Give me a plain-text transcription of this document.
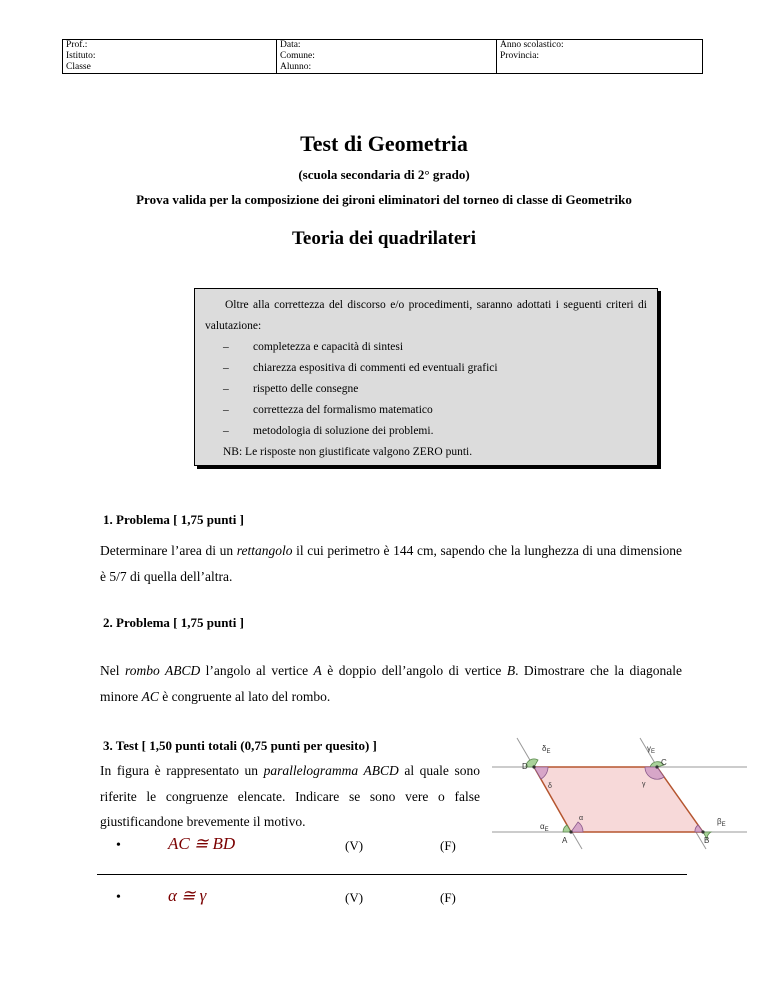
Prof.:	Data:	Anno scolastico:
Istituto:	Comune:	Provincia:
Classe	Alunno:	
Test di Geometria
(scuola secondaria di 2° grado)
Prova valida per la composizione dei gironi eliminatori del torneo di classe di Geometriko
Teoria dei quadrilateri
Oltre alla correttezza del discorso e/o procedimenti, saranno adottati i seguenti criteri di valutazione:
– completezza e capacità di sintesi
– chiarezza espositiva di commenti ed eventuali grafici
– rispetto delle consegne
– correttezza del formalismo matematico
– metodologia di soluzione dei problemi.
NB: Le risposte non giustificate valgono ZERO punti.
1. Problema [ 1,75 punti ]
Determinare l’area di un rettangolo il cui perimetro è 144 cm, sapendo che la lunghezza di una dimensione è 5/7 di quella dell’altra.
2. Problema [ 1,75 punti ]
Nel rombo ABCD l’angolo al vertice A è doppio dell’angolo di vertice B. Dimostrare che la diagonale minore AC è congruente al lato del rombo.
3. Test [ 1,50 punti totali (0,75 punti per quesito) ]
In figura è rappresentato un parallelogramma ABCD al quale sono riferite le congruenze elencate. Indicare se sono vere o false giustificandone brevemente il motivo.
D	C
A	B
$\delta_E$	$\gamma_E$
$\alpha_E$
$\beta_E$
δ	γ
α
•	AC ≅ BD	(V)	(F)
•	α ≅ γ	(V)	(F)
